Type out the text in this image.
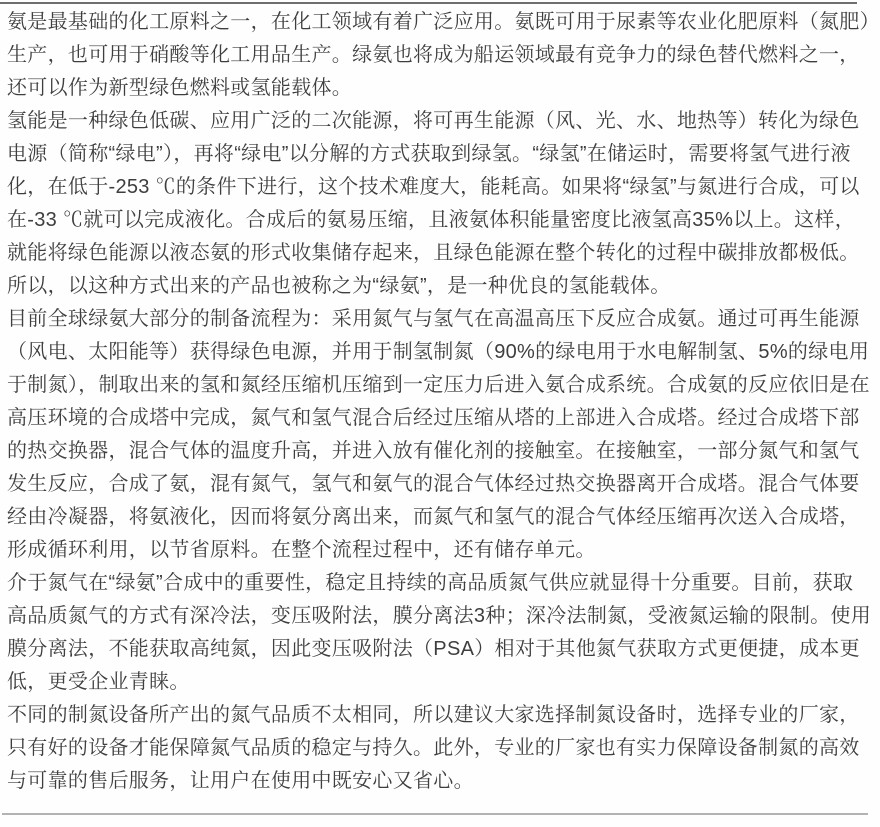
氨是最基础的化工原料之一，在化工领域有着广泛应用。氨既可用于尿素等农业化肥原料（氮肥）生产，也可用于硝酸等化工用品生产。绿氨也将成为船运领域最有竞争力的绿色替代燃料之一，还可以作为新型绿色燃料或氢能载体。

氢能是一种绿色低碳、应用广泛的二次能源，将可再生能源（风、光、水、地热等）转化为绿色电源（简称“绿电”），再将“绿电”以分解的方式获取到绿氢。“绿氢”在储运时，需要将氢气进行液化，在低于-253 ℃的条件下进行，这个技术难度大，能耗高。如果将“绿氢”与氮进行合成，可以在-33 ℃就可以完成液化。合成后的氨易压缩，且液氨体积能量密度比液氢高35%以上。这样，就能将绿色能源以液态氨的形式收集储存起来，且绿色能源在整个转化的过程中碳排放都极低。所以，以这种方式出来的产品也被称之为“绿氨”，是一种优良的氢能载体。

目前全球绿氨大部分的制备流程为：采用氮气与氢气在高温高压下反应合成氨。通过可再生能源（风电、太阳能等）获得绿色电源，并用于制氢制氮（90%的绿电用于水电解制氢、5%的绿电用于制氮），制取出来的氢和氮经压缩机压缩到一定压力后进入氨合成系统。合成氨的反应依旧是在高压环境的合成塔中完成，氮气和氢气混合后经过压缩从塔的上部进入合成塔。经过合成塔下部的热交换器，混合气体的温度升高，并进入放有催化剂的接触室。在接触室，一部分氮气和氢气发生反应，合成了氨，混有氮气，氢气和氨气的混合气体经过热交换器离开合成塔。混合气体要经由冷凝器，将氨液化，因而将氨分离出来，而氮气和氢气的混合气体经压缩再次送入合成塔，形成循环利用，以节省原料。在整个流程过程中，还有储存单元。

介于氮气在“绿氨”合成中的重要性，稳定且持续的高品质氮气供应就显得十分重要。目前，获取高品质氮气的方式有深冷法，变压吸附法，膜分离法3种；深冷法制氮，受液氮运输的限制。使用膜分离法，不能获取高纯氮，因此变压吸附法（PSA）相对于其他氮气获取方式更便捷，成本更低，更受企业青睐。

不同的制氮设备所产出的氮气品质不太相同，所以建议大家选择制氮设备时，选择专业的厂家，只有好的设备才能保障氮气品质的稳定与持久。此外，专业的厂家也有实力保障设备制氮的高效与可靠的售后服务，让用户在使用中既安心又省心。
